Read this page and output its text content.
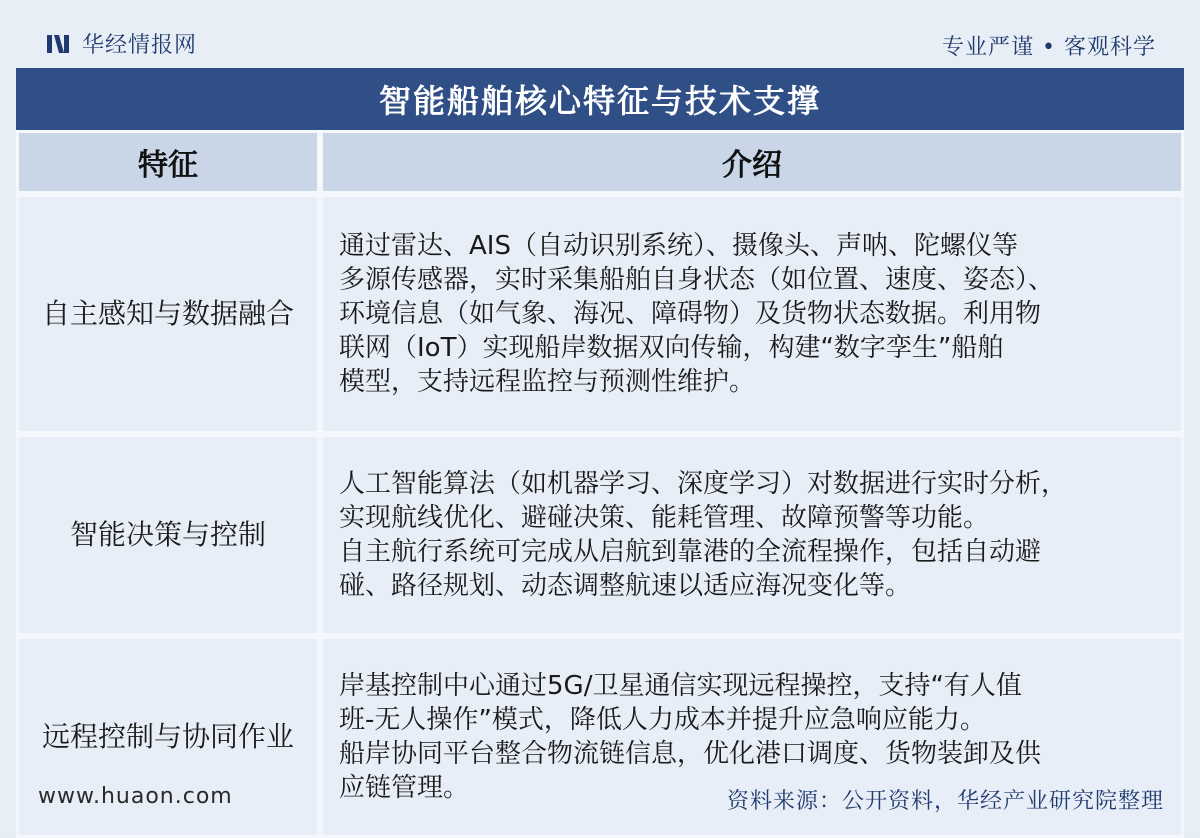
华经情报网	专业严谨 • 客观科学
智能船舶核心特征与技术支撑
特征	介绍
自主感知与数据融合	通过雷达、AIS（自动识别系统）、摄像头、声呐、陀螺仪等
多源传感器，实时采集船舶自身状态（如位置、速度、姿态）、
环境信息（如气象、海况、障碍物）及货物状态数据。利用物
联网（IoT）实现船岸数据双向传输，构建“数字孪生”船舶
模型，支持远程监控与预测性维护。

智能决策与控制	人工智能算法（如机器学习、深度学习）对数据进行实时分析，
实现航线优化、避碰决策、能耗管理、故障预警等功能。
自主航行系统可完成从启航到靠港的全流程操作，包括自动避
碰、路径规划、动态调整航速以适应海况变化等。

远程控制与协同作业	岸基控制中心通过5G/卫星通信实现远程操控，支持“有人值
班-无人操作”模式，降低人力成本并提升应急响应能力。
船岸协同平台整合物流链信息，优化港口调度、货物装卸及供
应链管理。
www.huaon.com	资料来源：公开资料，华经产业研究院整理
